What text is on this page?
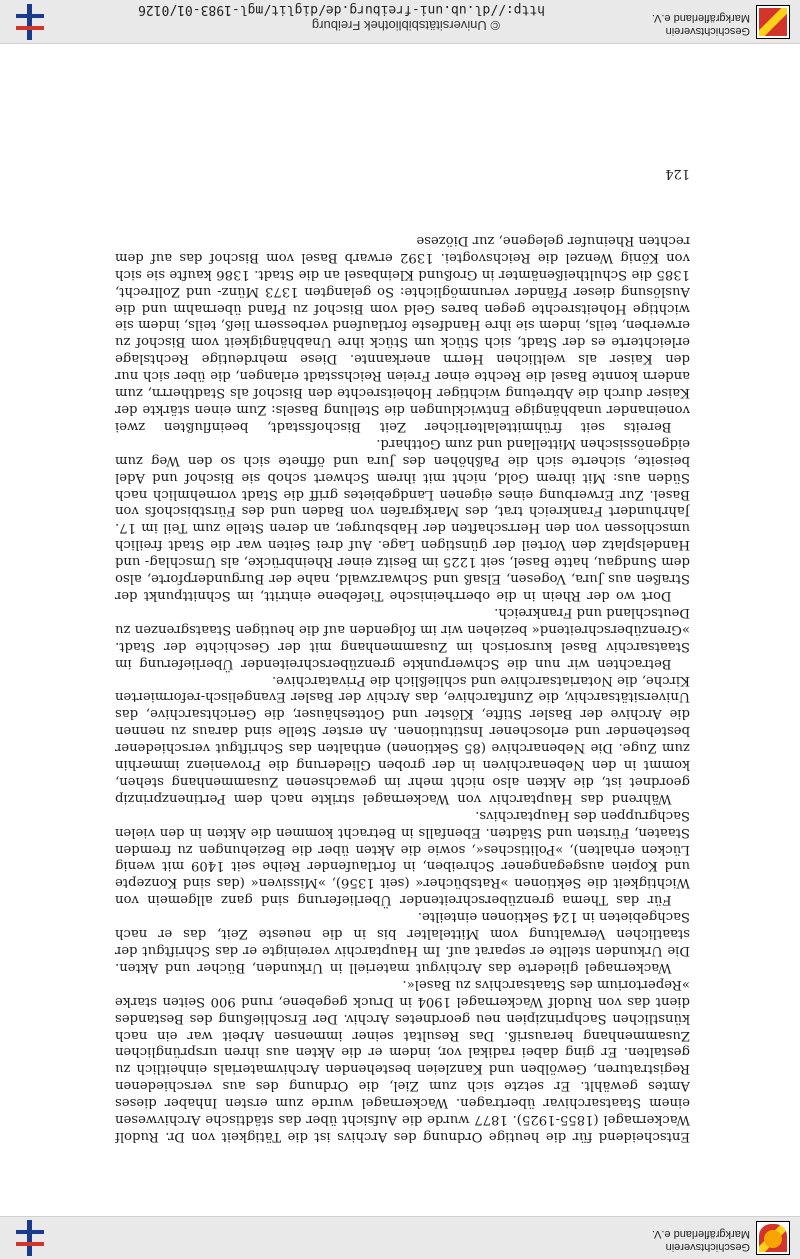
Geschichtsverein Markgräflerland e.V.

Entscheidend für die heutige Ordnung des Archivs ist die Tätigkeit von Dr. Rudolf Wackernagel (1855-1925). 1877 wurde die Aufsicht über das städtische Archivwesen einem Staatsarchivar übertragen. Wackernagel wurde zum ersten Inhaber dieses Amtes gewählt. Er setzte sich zum Ziel, die Ordnung des aus verschiedenen Registraturen, Gewölben und Kanzleien bestehenden Archivmaterials einheitlich zu gestalten. Er ging dabei radikal vor, indem er die Akten aus ihren ursprünglichen Zusammenhang herausriß. Das Resultat seiner immensen Arbeit war ein nach künstlichen Sachprinzipien neu geordnetes Archiv. Der Erschließung des Bestandes dient das von Rudolf Wackernagel 1904 in Druck gegebene, rund 900 Seiten starke »Repertorium des Staatsarchivs zu Basel«.

Wackernagel gliederte das Archivgut materiell in Urkunden, Bücher und Akten. Die Urkunden stellte er separat auf. Im Hauptarchiv vereinigte er das Schriftgut der staatlichen Verwaltung vom Mittelalter bis in die neueste Zeit, das er nach Sachgebieten in 124 Sektionen einteilte.

Für das Thema grenzüberschreitender Überlieferung sind ganz allgemein von Wichtigkeit die Sektionen »Ratsbücher« (seit 1356), »Missiven« (das sind Konzepte und Kopien ausgegangener Schreiben, in fortlaufender Reihe seit 1409 mit wenig Lücken erhalten), »Politisches«, sowie die Akten über die Beziehungen zu fremden Staaten, Fürsten und Städten. Ebenfalls in Betracht kommen die Akten in den vielen Sachgruppen des Hauptarchivs.

Während das Hauptarchiv von Wackernagel strikte nach dem Pertinenzprinzip geordnet ist, die Akten also nicht mehr im gewachsenen Zusammenhang stehen, kommt in den Nebenarchiven in der groben Gliederung die Provenienz immerhin zum Zuge. Die Nebenarchive (85 Sektionen) enthalten das Schriftgut verschiedener bestehender und erloschener Institutionen. An erster Stelle sind daraus zu nennen die Archive der Basler Stifte, Klöster und Gotteshäuser, die Gerichtsarchive, das Universitätsarchiv, die Zunftarchive, das Archiv der Basler Evangelisch-reformierten Kirche, die Notariatsarchive und schließlich die Privatarchive.

Betrachten wir nun die Schwerpunkte grenzüberschreitender Überlieferung im Staatsarchiv Basel kursorisch im Zusammenhang mit der Geschichte der Stadt. »Grenzüberschreitend« beziehen wir im folgenden auf die heutigen Staatsgrenzen zu Deutschland und Frankreich.

Dort wo der Rhein in die oberrheinische Tiefebene eintritt, im Schnittpunkt der Straßen aus Jura, Vogesen, Elsaß und Schwarzwald, nahe der Burgunderpforte, also dem Sundgau, hatte Basel, seit 1225 im Besitz einer Rheinbrücke, als Umschlag- und Handelsplatz den Vorteil der günstigen Lage. Auf drei Seiten war die Stadt freilich umschlossen von den Herrschaften der Habsburger, an deren Stelle zum Teil im 17. Jahrhundert Frankreich trat, des Markgrafen von Baden und des Fürstbischofs von Basel. Zur Erwerbung eines eigenen Landgebietes griff die Stadt vornehmlich nach Süden aus: Mit ihrem Gold, nicht mit ihrem Schwert schob sie Bischof und Adel beiseite, sicherte sich die Paßhöhen des Jura und öffnete sich so den Weg zum eidgenössischen Mittelland und zum Gotthard.

Bereits seit frühmittelalterlicher Zeit Bischofsstadt, beeinflußten zwei voneinander unabhängige Entwicklungen die Stellung Basels: Zum einen stärkte der Kaiser durch die Abtretung wichtiger Hoheitsrechte den Bischof als Stadtherrn, zum andern konnte Basel die Rechte einer Freien Reichsstadt erlangen, die über sich nur den Kaiser als weltlichen Herrn anerkannte. Diese mehrdeutige Rechtslage erleichterte es der Stadt, sich Stück um Stück ihre Unabhängigkeit vom Bischof zu erwerben, teils, indem sie ihre Handfeste fortlaufend verbessern ließ, teils, indem sie wichtige Hoheitsrechte gegen bares Geld vom Bischof zu Pfand übernahm und die Auslösung dieser Pfänder verunmöglichte: So gelangten 1373 Münz- und Zollrecht, 1385 die Schultheißenämter in Großund Kleinbasel an die Stadt. 1386 kaufte sie sich von König Wenzel die Reichsvogtei. 1392 erwarb Basel vom Bischof das auf dem rechten Rheinufer gelegene, zur Diözese

124
Geschichtsverein Markgräflerland e.V.
© Universitätsbibliothek Freiburg
http://dl.ub.uni-freiburg.de/diglit/mgl-1983-01/0126
